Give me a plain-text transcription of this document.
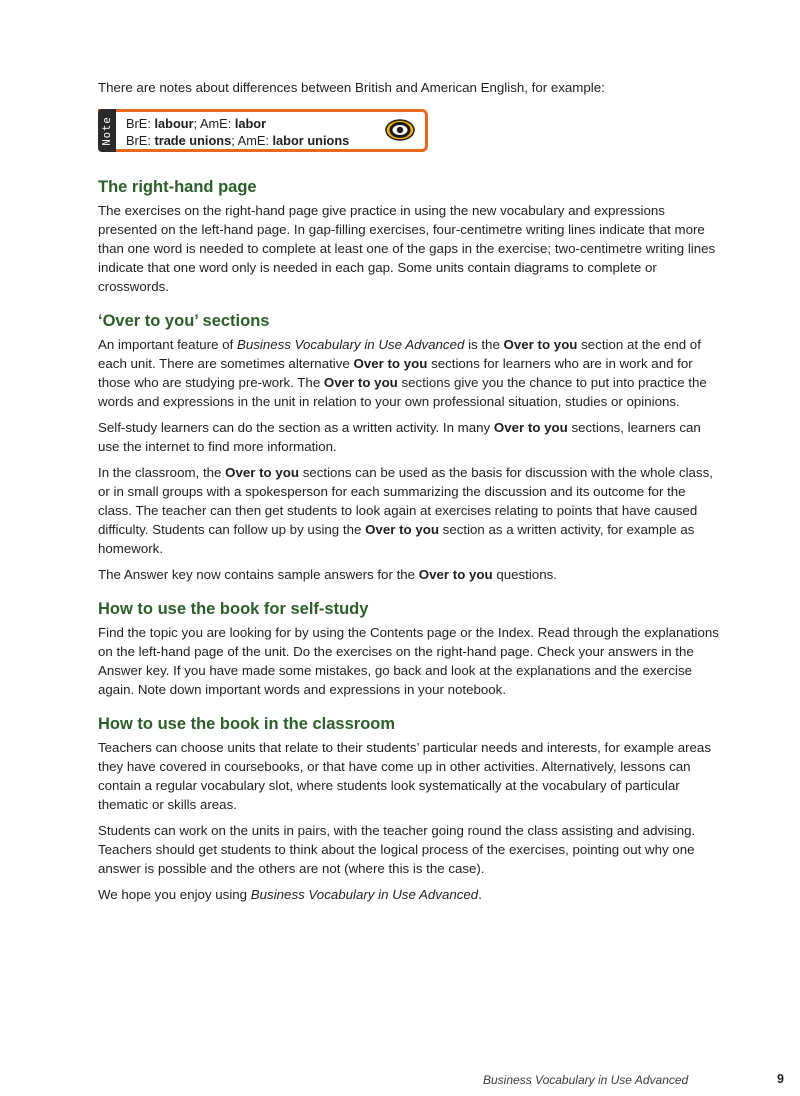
There are notes about differences between British and American English, for example:

Note BrE: labour; AmE: labor

BrE: trade unions; AmE: labor unions

The right-hand page

The exercises on the right-hand page give practice in using the new vocabulary and expressions presented on the left-hand page. In gap-filling exercises, four-centimetre writing lines indicate that more than one word is needed to complete at least one of the gaps in the exercise; two-centimetre writing lines indicate that one word only is needed in each gap. Some units contain diagrams to complete or crosswords.

‘Over to you’ sections

An important feature of Business Vocabulary in Use Advanced is the Over to you section at the end of each unit. There are sometimes alternative Over to you sections for learners who are in work and for those who are studying pre-work. The Over to you sections give you the chance to put into practice the words and expressions in the unit in relation to your own professional situation, studies or opinions.

Self-study learners can do the section as a written activity. In many Over to you sections, learners can use the internet to find more information.

In the classroom, the Over to you sections can be used as the basis for discussion with the whole class, or in small groups with a spokesperson for each summarizing the discussion and its outcome for the class. The teacher can then get students to look again at exercises relating to points that have caused difficulty. Students can follow up by using the Over to you section as a written activity, for example as homework.

The Answer key now contains sample answers for the Over to you questions.

How to use the book for self-study

Find the topic you are looking for by using the Contents page or the Index. Read through the explanations on the left-hand page of the unit. Do the exercises on the right-hand page. Check your answers in the Answer key. If you have made some mistakes, go back and look at the explanations and the exercise again. Note down important words and expressions in your notebook.

How to use the book in the classroom

Teachers can choose units that relate to their students’ particular needs and interests, for example areas they have covered in coursebooks, or that have come up in other activities. Alternatively, lessons can contain a regular vocabulary slot, where students look systematically at the vocabulary of particular thematic or skills areas.

Students can work on the units in pairs, with the teacher going round the class assisting and advising. Teachers should get students to think about the logical process of the exercises, pointing out why one answer is possible and the others are not (where this is the case).

We hope you enjoy using Business Vocabulary in Use Advanced.

Business Vocabulary in Use Advanced	9
